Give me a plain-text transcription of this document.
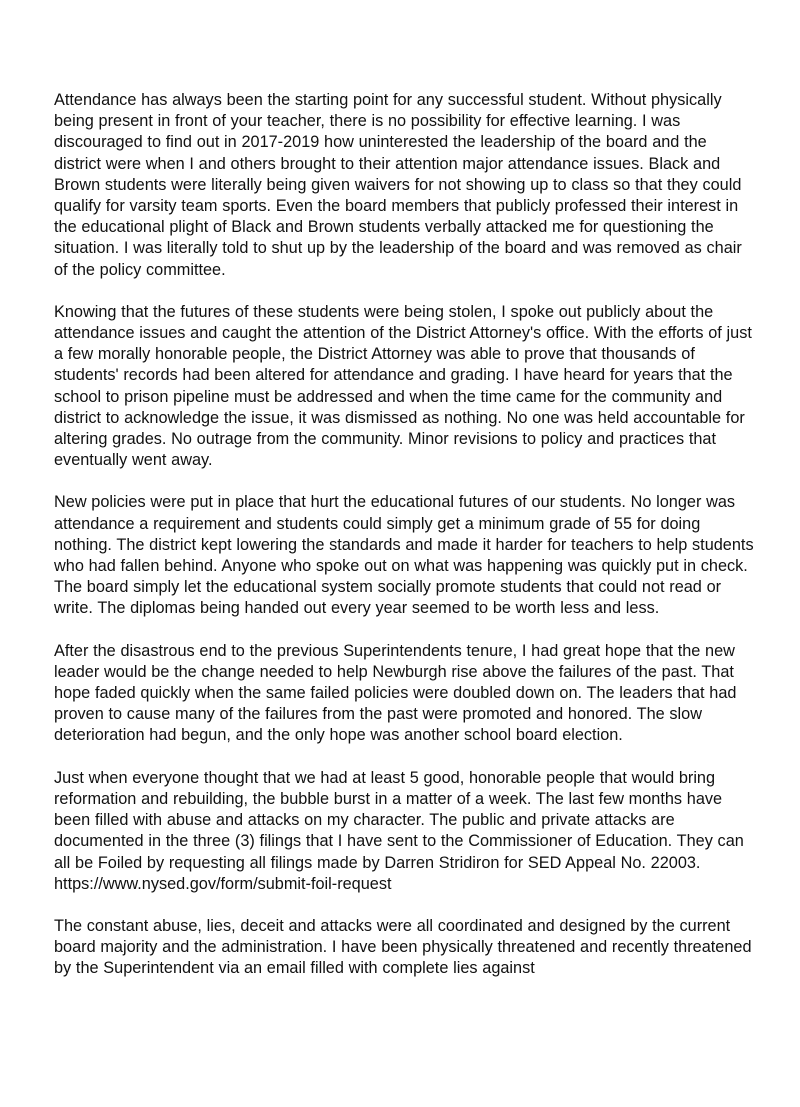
Attendance has always been the starting point for any successful student. Without physically being present in front of your teacher, there is no possibility for effective learning. I was discouraged to find out in 2017-2019 how uninterested the leadership of the board and the district were when I and others brought to their attention major attendance issues. Black and Brown students were literally being given waivers for not showing up to class so that they could qualify for varsity team sports. Even the board members that publicly professed their interest in the educational plight of Black and Brown students verbally attacked me for questioning the situation. I was literally told to shut up by the leadership of the board and was removed as chair of the policy committee.

Knowing that the futures of these students were being stolen, I spoke out publicly about the attendance issues and caught the attention of the District Attorney's office. With the efforts of just a few morally honorable people, the District Attorney was able to prove that thousands of students' records had been altered for attendance and grading. I have heard for years that the school to prison pipeline must be addressed and when the time came for the community and district to acknowledge the issue, it was dismissed as nothing. No one was held accountable for altering grades. No outrage from the community. Minor revisions to policy and practices that eventually went away.

New policies were put in place that hurt the educational futures of our students. No longer was attendance a requirement and students could simply get a minimum grade of 55 for doing nothing. The district kept lowering the standards and made it harder for teachers to help students who had fallen behind. Anyone who spoke out on what was happening was quickly put in check. The board simply let the educational system socially promote students that could not read or write. The diplomas being handed out every year seemed to be worth less and less.

After the disastrous end to the previous Superintendents tenure, I had great hope that the new leader would be the change needed to help Newburgh rise above the failures of the past. That hope faded quickly when the same failed policies were doubled down on. The leaders that had proven to cause many of the failures from the past were promoted and honored. The slow deterioration had begun, and the only hope was another school board election.

Just when everyone thought that we had at least 5 good, honorable people that would bring reformation and rebuilding, the bubble burst in a matter of a week. The last few months have been filled with abuse and attacks on my character. The public and private attacks are documented in the three (3) filings that I have sent to the Commissioner of Education. They can all be Foiled by requesting all filings made by Darren Stridiron for SED Appeal No. 22003. https://www.nysed.gov/form/submit-foil-request

The constant abuse, lies, deceit and attacks were all coordinated and designed by the current board majority and the administration. I have been physically threatened and recently threatened by the Superintendent via an email filled with complete lies against
